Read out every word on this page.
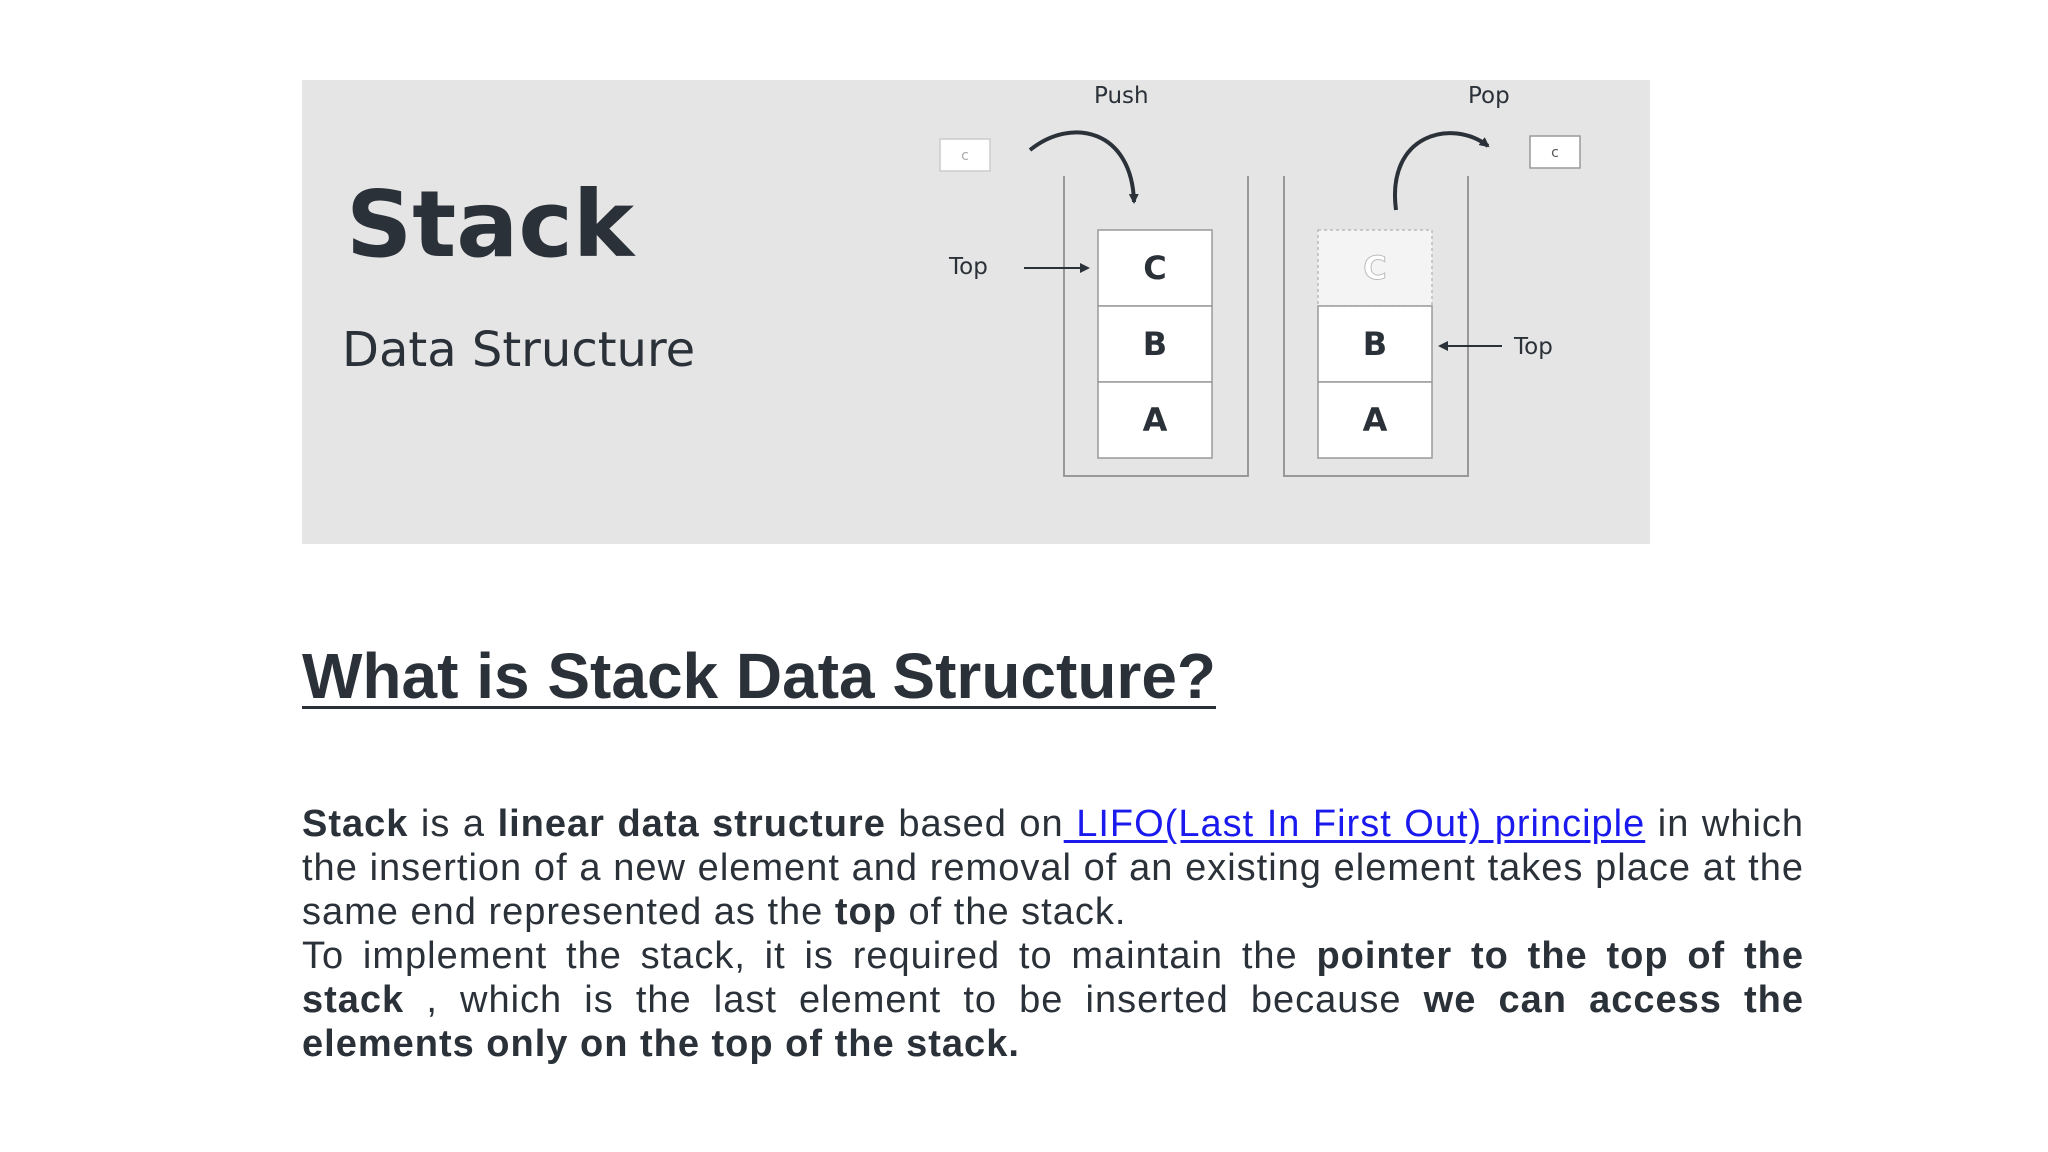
Stack
Data Structure
Push
c
C
B
A
Top
Pop
c
C
B
A
Top
What is Stack Data Structure?

Stack is a linear data structure based on LIFO(Last In First Out) principle in which the insertion of a new element and removal of an existing element takes place at the same end represented as the top of the stack.
To implement the stack, it is required to maintain the pointer to the top of the stack , which is the last element to be inserted because we can access the elements only on the top of the stack.
